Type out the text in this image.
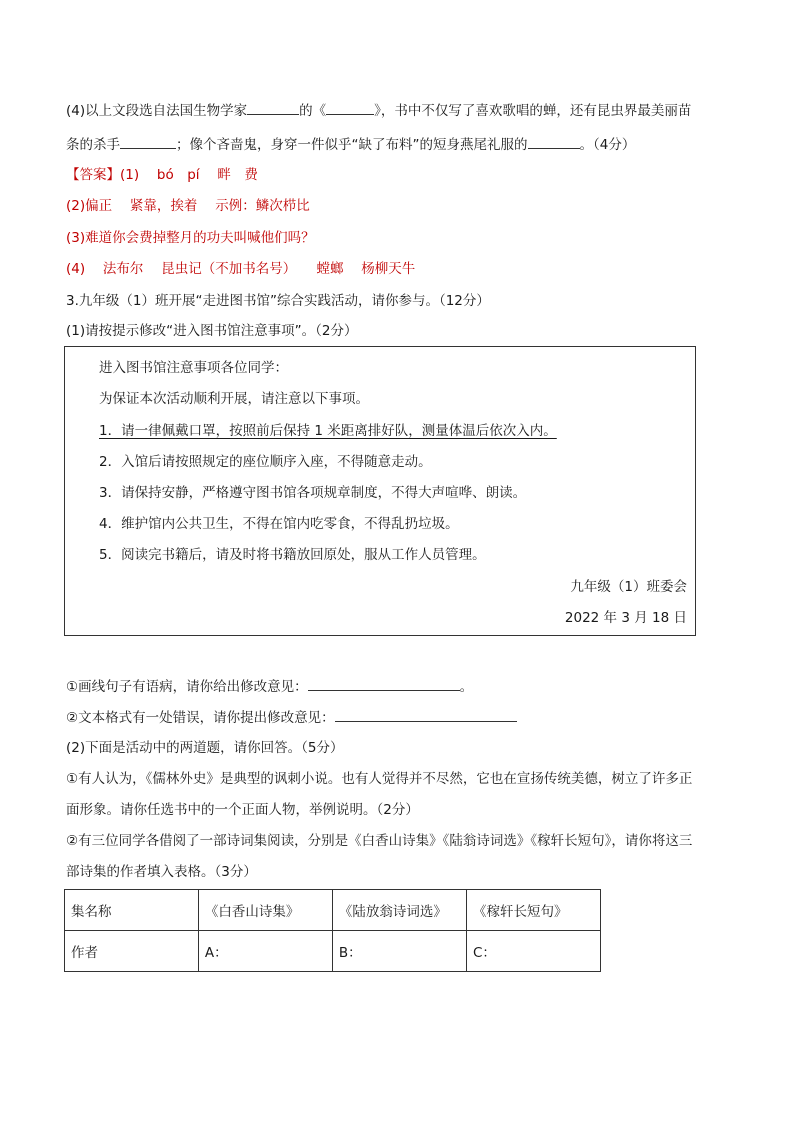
(4)以上文段选自法国生物学家	的《	》，书中不仅写了喜欢歌唱的蝉，还有昆虫界最美丽苗
条的杀手	；像个吝啬鬼，身穿一件似乎“缺了布料”的短身燕尾礼服的	。（4分）
【答案】(1)　 bó　pí　 畔　费
(2)偏正　 紧靠，挨着　 示例：鳞次栉比
(3)难道你会费掉整月的功夫叫喊他们吗？
(4)　 法布尔　 昆虫记（不加书名号）　　螳螂　 杨柳天牛
3.九年级（1）班开展“走进图书馆”综合实践活动，请你参与。（12分）
(1)请按提示修改“进入图书馆注意事项”。（2分）
进入图书馆注意事项各位同学：
为保证本次活动顺利开展，请注意以下事项。
1．请一律佩戴口罩，按照前后保持 1 米距离排好队，测量体温后依次入内。
2．入馆后请按照规定的座位顺序入座，不得随意走动。
3．请保持安静，严格遵守图书馆各项规章制度，不得大声喧哗、朗读。
4．维护馆内公共卫生，不得在馆内吃零食，不得乱扔垃圾。
5．阅读完书籍后，请及时将书籍放回原处，服从工作人员管理。
九年级（1）班委会
2022 年 3 月 18 日
①画线句子有语病，请你给出修改意见：	。
②文本格式有一处错误，请你提出修改意见：
(2)下面是活动中的两道题，请你回答。（5分）
①有人认为，《儒林外史》是典型的讽刺小说。也有人觉得并不尽然，它也在宣扬传统美德，树立了许多正
面形象。请你任选书中的一个正面人物，举例说明。（2分）
②有三位同学各借阅了一部诗词集阅读，分别是《白香山诗集》《陆翁诗词选》《稼轩长短句》，请你将这三
部诗集的作者填入表格。（3分）
集名称	《白香山诗集》	《陆放翁诗词选》	《稼轩长短句》
作者	A：	B：	C：
